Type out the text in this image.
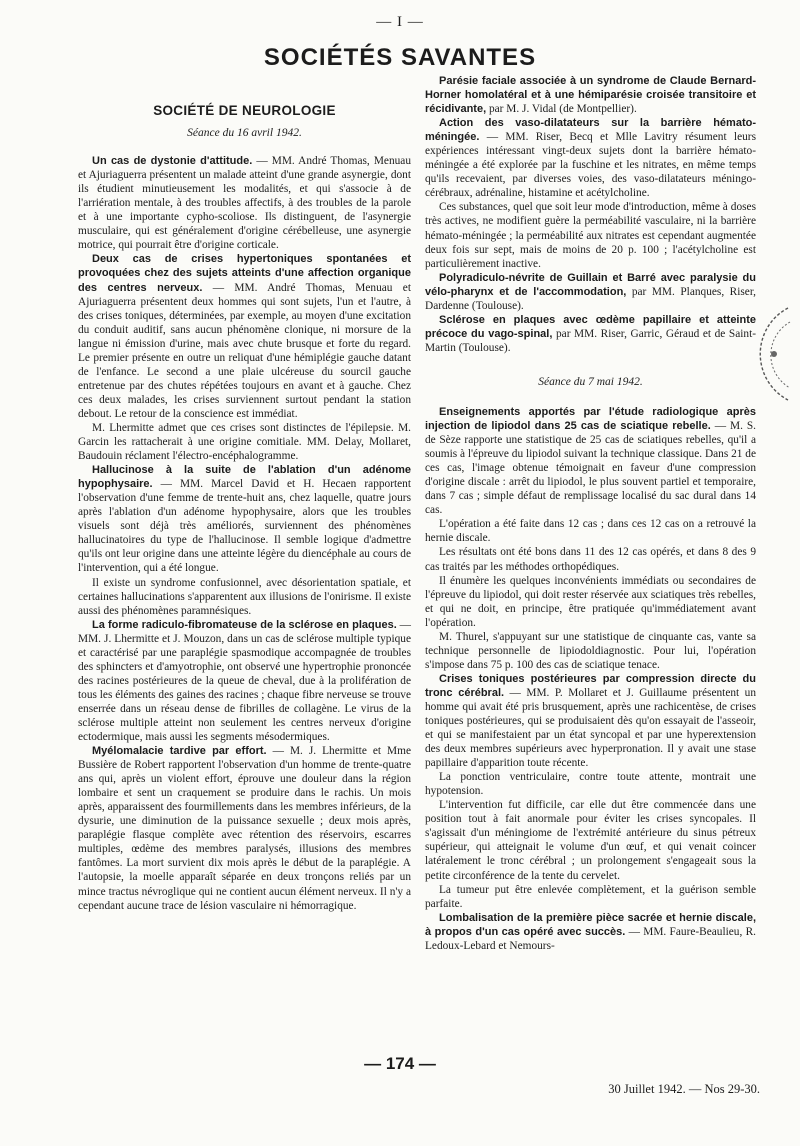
— I —
SOCIÉTÉS SAVANTES
SOCIÉTÉ DE NEUROLOGIE
Séance du 16 avril 1942.

Un cas de dystonie d'attitude. — MM. André Thomas, Menuau et Ajuriaguerra présentent un malade atteint d'une grande asynergie, dont ils étudient minutieusement les modalités, et qui s'associe à de l'arriération mentale, à des troubles affectifs, à des troubles de la parole et à une importante cypho-scoliose. Ils distinguent, de l'asynergie musculaire, qui est généralement d'origine cérébelleuse, une asynergie motrice, qui pourrait être d'origine corticale.

Deux cas de crises hypertoniques spontanées et provoquées chez des sujets atteints d'une affection organique des centres nerveux. — MM. André Thomas, Menuau et Ajuriaguerra présentent deux hommes qui sont sujets, l'un et l'autre, à des crises toniques, déterminées, par exemple, au moyen d'une excitation du conduit auditif, sans aucun phénomène clonique, ni morsure de la langue ni émission d'urine, mais avec chute brusque et forte du regard. Le premier présente en outre un reliquat d'une hémiplégie gauche datant de l'enfance. Le second a une plaie ulcéreuse du sourcil gauche entretenue par des chutes répétées toujours en avant et à gauche. Chez ces deux malades, les crises surviennent surtout pendant la station debout. Le retour de la conscience est immédiat.

M. Lhermitte admet que ces crises sont distinctes de l'épilepsie. M. Garcin les rattacherait à une origine comitiale. MM. Delay, Mollaret, Baudouin réclament l'électro-encéphalogramme.

Hallucinose à la suite de l'ablation d'un adénome hypophysaire. — MM. Marcel David et H. Hecaen rapportent l'observation d'une femme de trente-huit ans, chez laquelle, quatre jours après l'ablation d'un adénome hypophysaire, alors que les troubles visuels sont déjà très améliorés, surviennent des phénomènes hallucinatoires du type de l'hallucinose. Il semble logique d'admettre qu'ils ont leur origine dans une atteinte légère du diencéphale au cours de l'intervention, qui a été longue.

Il existe un syndrome confusionnel, avec désorientation spatiale, et certaines hallucinations s'apparentent aux illusions de l'onirisme. Il existe aussi des phénomènes paramnésiques.

La forme radiculo-fibromateuse de la sclérose en plaques. — MM. J. Lhermitte et J. Mouzon, dans un cas de sclérose multiple typique et caractérisé par une paraplégie spasmodique accompagnée de troubles des sphincters et d'amyotrophie, ont observé une hypertrophie prononcée des racines postérieures de la queue de cheval, due à la prolifération de tous les éléments des gaines des racines ; chaque fibre nerveuse se trouve enserrée dans un réseau dense de fibrilles de collagène. Le virus de la sclérose multiple atteint non seulement les centres nerveux d'origine ectodermique, mais aussi les segments mésodermiques.

Myélomalacie tardive par effort. — M. J. Lhermitte et Mme Bussière de Robert rapportent l'observation d'un homme de trente-quatre ans qui, après un violent effort, éprouve une douleur dans la région lombaire et sent un craquement se produire dans le rachis. Un mois après, apparaissent des fourmillements dans les membres inférieurs, de la dysurie, une diminution de la puissance sexuelle ; deux mois après, paraplégie flasque complète avec rétention des réservoirs, escarres multiples, œdème des membres paralysés, illusions des membres fantômes. La mort survient dix mois après le début de la paraplégie. A l'autopsie, la moelle apparaît séparée en deux tronçons reliés par un mince tractus névroglique qui ne contient aucun élément nerveux. Il n'y a cependant aucune trace de lésion vasculaire ni hémorragique.

Parésie faciale associée à un syndrome de Claude Bernard-Horner homolatéral et à une hémiparésie croisée transitoire et récidivante, par M. J. Vidal (de Montpellier).

Action des vaso-dilatateurs sur la barrière hémato-méningée. — MM. Riser, Becq et Mlle Lavitry résument leurs expériences intéressant vingt-deux sujets dont la barrière hémato-méningée a été explorée par la fuschine et les nitrates, en même temps qu'ils recevaient, par diverses voies, des vaso-dilatateurs méningo-cérébraux, adrénaline, histamine et acétylcholine.

Ces substances, quel que soit leur mode d'introduction, même à doses très actives, ne modifient guère la perméabilité vasculaire, ni la barrière hémato-méningée ; la perméabilité aux nitrates est cependant augmentée deux fois sur sept, mais de moins de 20 p. 100 ; l'acétylcholine est particulièrement inactive.

Polyradiculo-névrite de Guillain et Barré avec paralysie du vélo-pharynx et de l'accommodation, par MM. Planques, Riser, Dardenne (Toulouse).

Sclérose en plaques avec œdème papillaire et atteinte précoce du vago-spinal, par MM. Riser, Garric, Géraud et de Saint-Martin (Toulouse).

Séance du 7 mai 1942.

Enseignements apportés par l'étude radiologique après injection de lipiodol dans 25 cas de sciatique rebelle. — M. S. de Sèze rapporte une statistique de 25 cas de sciatiques rebelles, qu'il a soumis à l'épreuve du lipiodol suivant la technique classique. Dans 21 de ces cas, l'image obtenue témoignait en faveur d'une compression d'origine discale : arrêt du lipiodol, le plus souvent partiel et temporaire, dans 7 cas ; simple défaut de remplissage localisé du sac dural dans 14 cas.

L'opération a été faite dans 12 cas ; dans ces 12 cas on a retrouvé la hernie discale.

Les résultats ont été bons dans 11 des 12 cas opérés, et dans 8 des 9 cas traités par les méthodes orthopédiques.

Il énumère les quelques inconvénients immédiats ou secondaires de l'épreuve du lipiodol, qui doit rester réservée aux sciatiques très rebelles, et qui ne doit, en principe, être pratiquée qu'immédiatement avant l'opération.

M. Thurel, s'appuyant sur une statistique de cinquante cas, vante sa technique personnelle de lipiodoldiagnostic. Pour lui, l'opération s'impose dans 75 p. 100 des cas de sciatique tenace.

Crises toniques postérieures par compression directe du tronc cérébral. — MM. P. Mollaret et J. Guillaume présentent un homme qui avait été pris brusquement, après une rachicentèse, de crises toniques postérieures, qui se produisaient dès qu'on essayait de l'asseoir, et qui se manifestaient par un état syncopal et par une hyperextension des deux membres supérieurs avec hyperpronation. Il y avait une stase papillaire d'apparition toute récente.

La ponction ventriculaire, contre toute attente, montrait une hypotension.

L'intervention fut difficile, car elle dut être commencée dans une position tout à fait anormale pour éviter les crises syncopales. Il s'agissait d'un méningiome de l'extrémité antérieure du sinus pétreux supérieur, qui atteignait le volume d'un œuf, et qui venait coincer latéralement le tronc cérébral ; un prolongement s'engageait sous la petite circonférence de la tente du cervelet.

La tumeur put être enlevée complètement, et la guérison semble parfaite.

Lombalisation de la première pièce sacrée et hernie discale, à propos d'un cas opéré avec succès. — MM. Faure-Beaulieu, R. Ledoux-Lebard et Nemours-

— 174 —
30 Juillet 1942. — Nos 29-30.
